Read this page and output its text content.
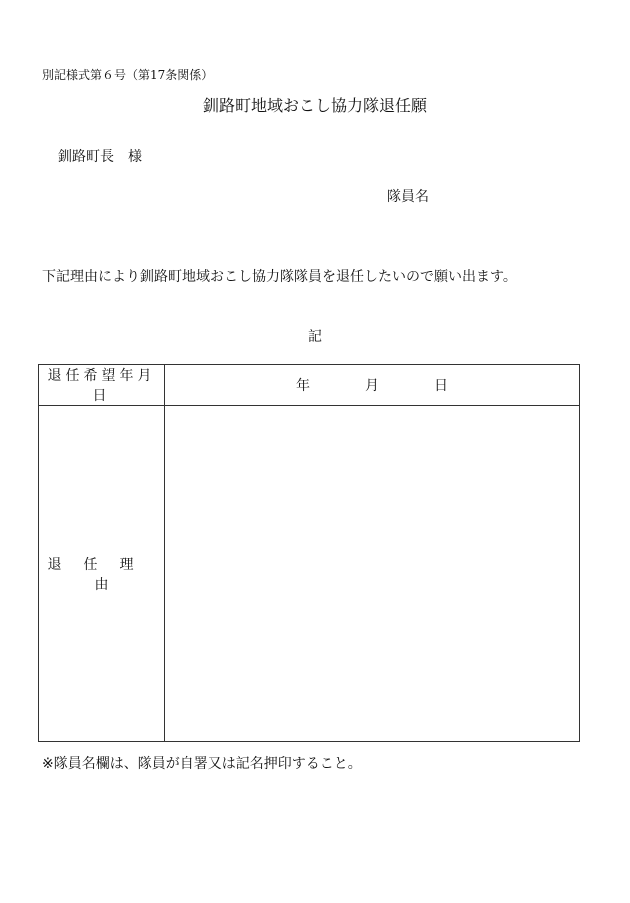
別記様式第６号（第17条関係）
釧路町地域おこし協力隊退任願
釧路町長　様
隊員名
下記理由により釧路町地域おこし協力隊隊員を退任したいので願い出ます。
記
退任希望年月日	年 月 日
退任理由	
※隊員名欄は、隊員が自署又は記名押印すること。
